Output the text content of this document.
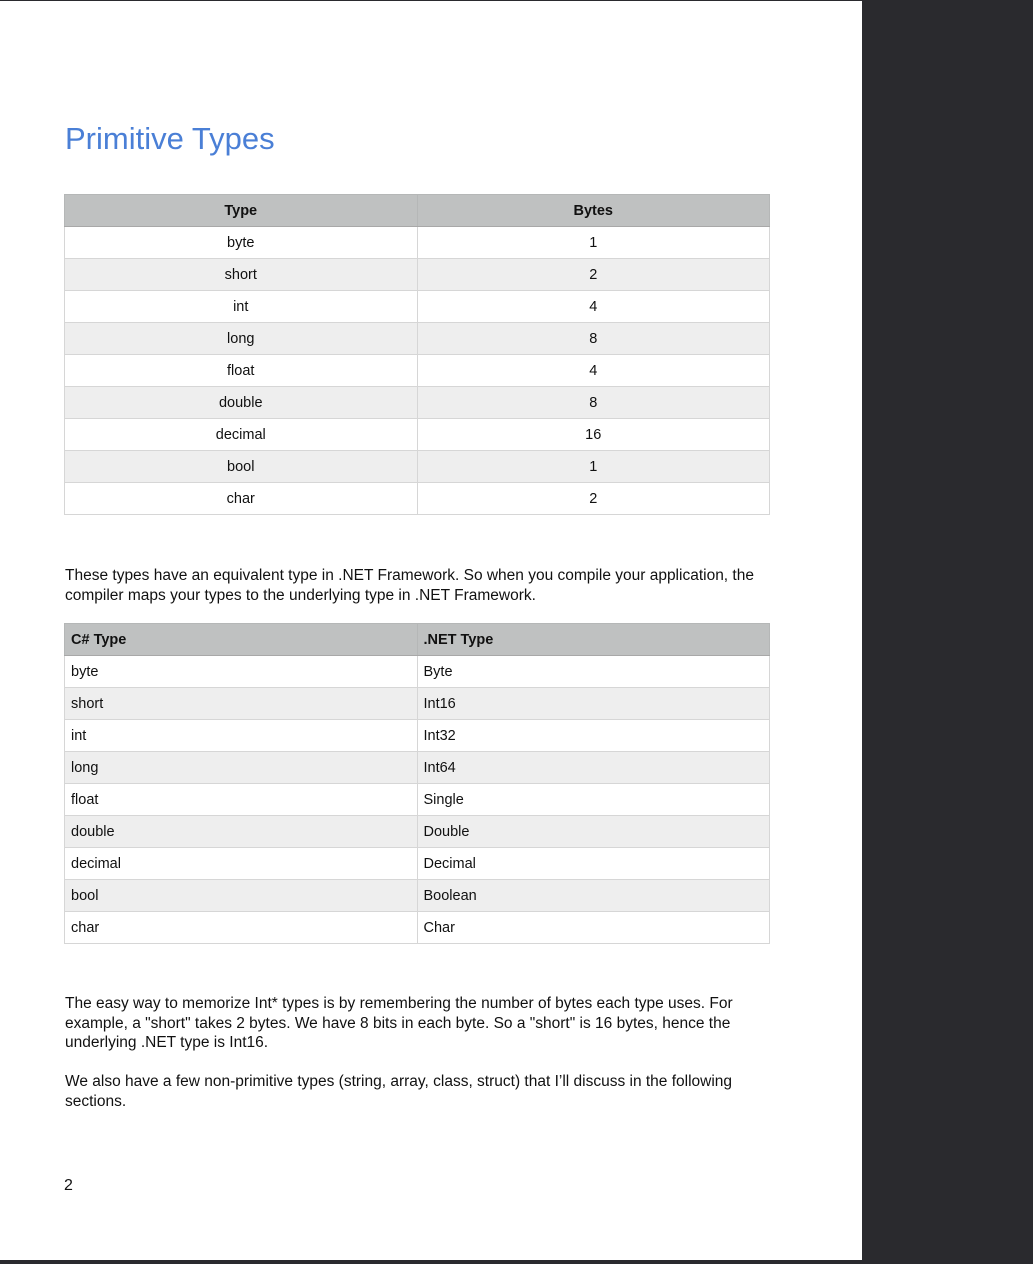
Primitive Types
Type	Bytes
byte	1
short	2
int	4
long	8
float	4
double	8
decimal	16
bool	1
char	2

These types have an equivalent type in .NET Framework. So when you compile your application, the compiler maps your types to the underlying type in .NET Framework.

C# Type	.NET Type
byte	Byte
short	Int16
int	Int32
long	Int64
float	Single
double	Double
decimal	Decimal
bool	Boolean
char	Char

The easy way to memorize Int* types is by remembering the number of bytes each type uses. For example, a "short" takes 2 bytes. We have 8 bits in each byte. So a "short" is 16 bytes, hence the underlying .NET type is Int16.

We also have a few non-primitive types (string, array, class, struct) that I’ll discuss in the following sections.

2
